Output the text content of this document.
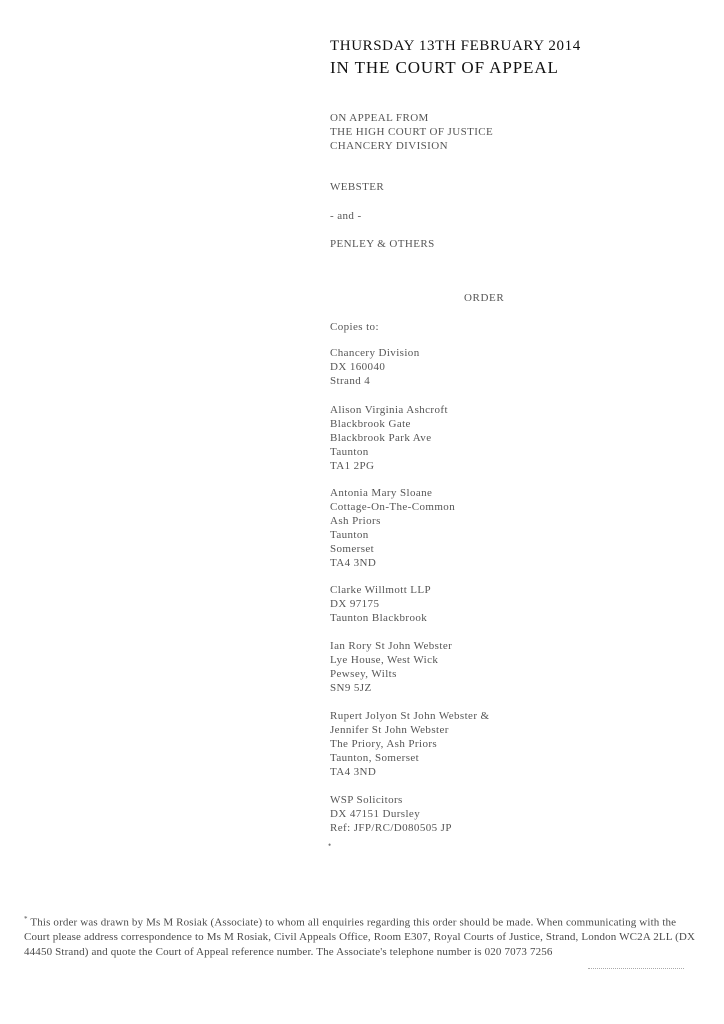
THURSDAY 13TH FEBRUARY 2014
IN THE COURT OF APPEAL
ON APPEAL FROM
THE HIGH COURT OF JUSTICE
CHANCERY DIVISION
WEBSTER
- and -
PENLEY & OTHERS
ORDER
Copies to:
Chancery Division
DX 160040
Strand 4
Alison Virginia Ashcroft
Blackbrook Gate
Blackbrook Park Ave
Taunton
TA1 2PG
Antonia Mary Sloane
Cottage-On-The-Common
Ash Priors
Taunton
Somerset
TA4 3ND
Clarke Willmott LLP
DX 97175
Taunton Blackbrook
Ian Rory St John Webster
Lye House, West Wick
Pewsey, Wilts
SN9 5JZ
Rupert Jolyon St John Webster &
Jennifer St John Webster
The Priory, Ash Priors
Taunton, Somerset
TA4 3ND
WSP Solicitors
DX 47151 Dursley
Ref: JFP/RC/D080505 JP
•
* This order was drawn by Ms M Rosiak (Associate) to whom all enquiries regarding this order should be made. When communicating with the Court please address correspondence to Ms M Rosiak, Civil Appeals Office, Room E307, Royal Courts of Justice, Strand, London WC2A 2LL (DX 44450 Strand) and quote the Court of Appeal reference number. The Associate's telephone number is 020 7073 7256
